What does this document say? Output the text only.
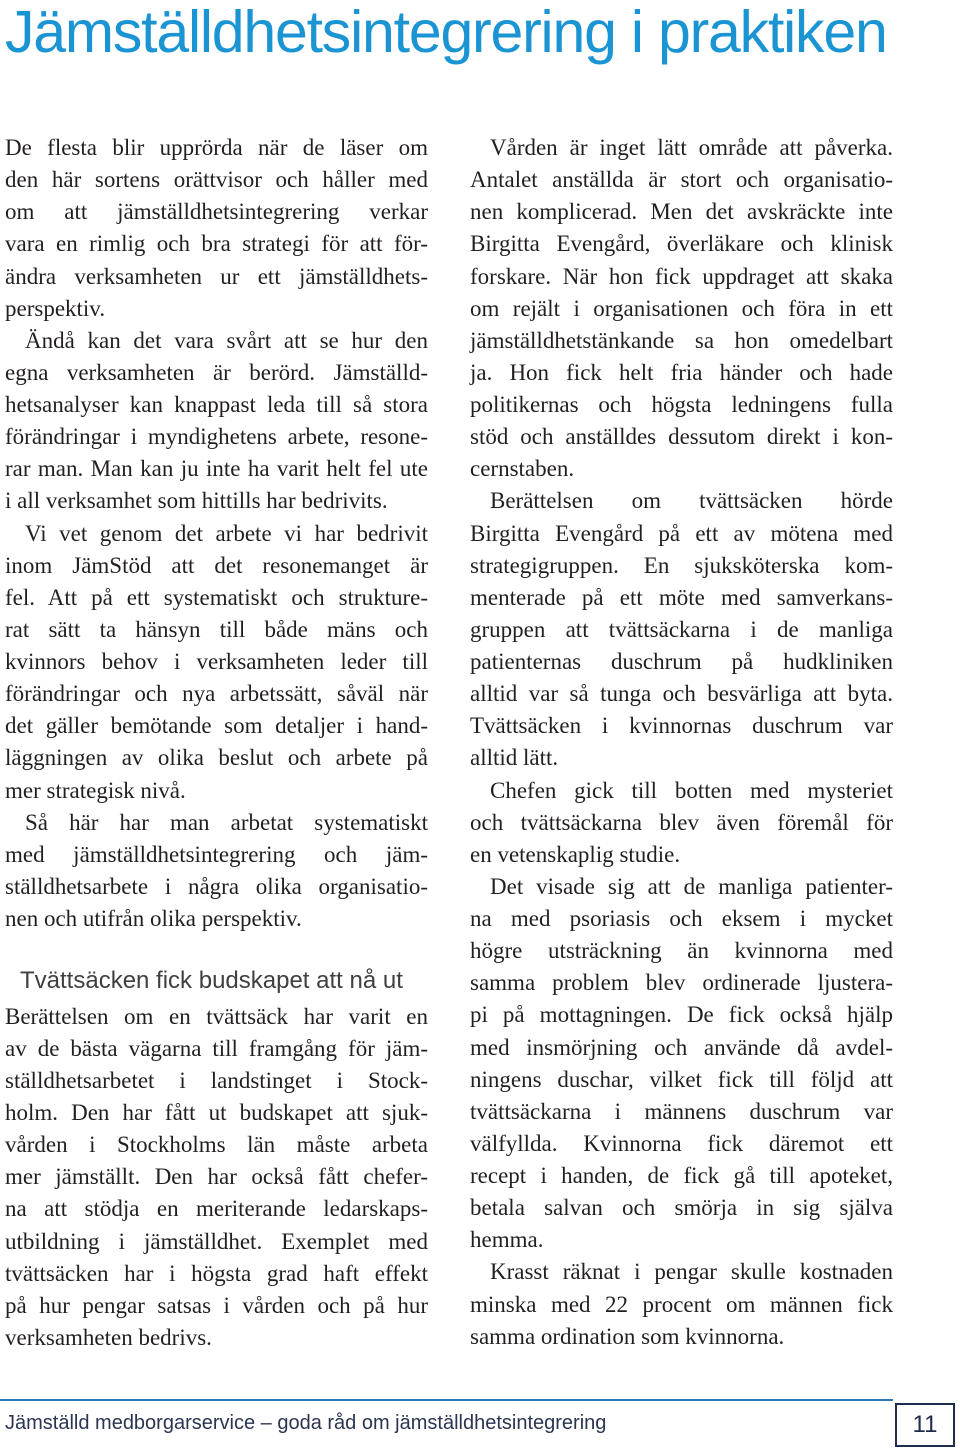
Jämställdhetsintegrering i praktiken
De flesta blir upprörda när de läser om
den här sortens orättvisor och håller med
om att jämställdhetsintegrering verkar
vara en rimlig och bra strategi för att för-
ändra verksamheten ur ett jämställdhets-
perspektiv.
Ändå kan det vara svårt att se hur den
egna verksamheten är berörd. Jämställd-
hetsanalyser kan knappast leda till så stora
förändringar i myndighetens arbete, resone-
rar man. Man kan ju inte ha varit helt fel ute
i all verksamhet som hittills har bedrivits.
Vi vet genom det arbete vi har bedrivit
inom JämStöd att det resonemanget är
fel. Att på ett systematiskt och strukture-
rat sätt ta hänsyn till både mäns och
kvinnors behov i verksamheten leder till
förändringar och nya arbetssätt, såväl när
det gäller bemötande som detaljer i hand-
läggningen av olika beslut och arbete på
mer strategisk nivå.
Så här har man arbetat systematiskt
med jämställdhetsintegrering och jäm-
ställdhetsarbete i några olika organisatio-
nen och utifrån olika perspektiv.
Tvättsäcken fick budskapet att nå ut
Berättelsen om en tvättsäck har varit en
av de bästa vägarna till framgång för jäm-
ställdhetsarbetet i landstinget i Stock-
holm. Den har fått ut budskapet att sjuk-
vården i Stockholms län måste arbeta
mer jämställt. Den har också fått chefer-
na att stödja en meriterande ledarskaps-
utbildning i jämställdhet. Exemplet med
tvättsäcken har i högsta grad haft effekt
på hur pengar satsas i vården och på hur
verksamheten bedrivs.
Vården är inget lätt område att påverka.
Antalet anställda är stort och organisatio-
nen komplicerad. Men det avskräckte inte
Birgitta Evengård, överläkare och klinisk
forskare. När hon fick uppdraget att skaka
om rejält i organisationen och föra in ett
jämställdhetstänkande sa hon omedelbart
ja. Hon fick helt fria händer och hade
politikernas och högsta ledningens fulla
stöd och anställdes dessutom direkt i kon-
cernstaben.
Berättelsen om tvättsäcken hörde
Birgitta Evengård på ett av mötena med
strategigruppen. En sjuksköterska kom-
menterade på ett möte med samverkans-
gruppen att tvättsäckarna i de manliga
patienternas duschrum på hudkliniken
alltid var så tunga och besvärliga att byta.
Tvättsäcken i kvinnornas duschrum var
alltid lätt.
Chefen gick till botten med mysteriet
och tvättsäckarna blev även föremål för
en vetenskaplig studie.
Det visade sig att de manliga patienter-
na med psoriasis och eksem i mycket
högre utsträckning än kvinnorna med
samma problem blev ordinerade ljustera-
pi på mottagningen. De fick också hjälp
med insmörjning och använde då avdel-
ningens duschar, vilket fick till följd att
tvättsäckarna i männens duschrum var
välfyllda. Kvinnorna fick däremot ett
recept i handen, de fick gå till apoteket,
betala salvan och smörja in sig själva
hemma.
Krasst räknat i pengar skulle kostnaden
minska med 22 procent om männen fick
samma ordination som kvinnorna.
Jämställd medborgarservice – goda råd om jämställdhetsintegrering	11
